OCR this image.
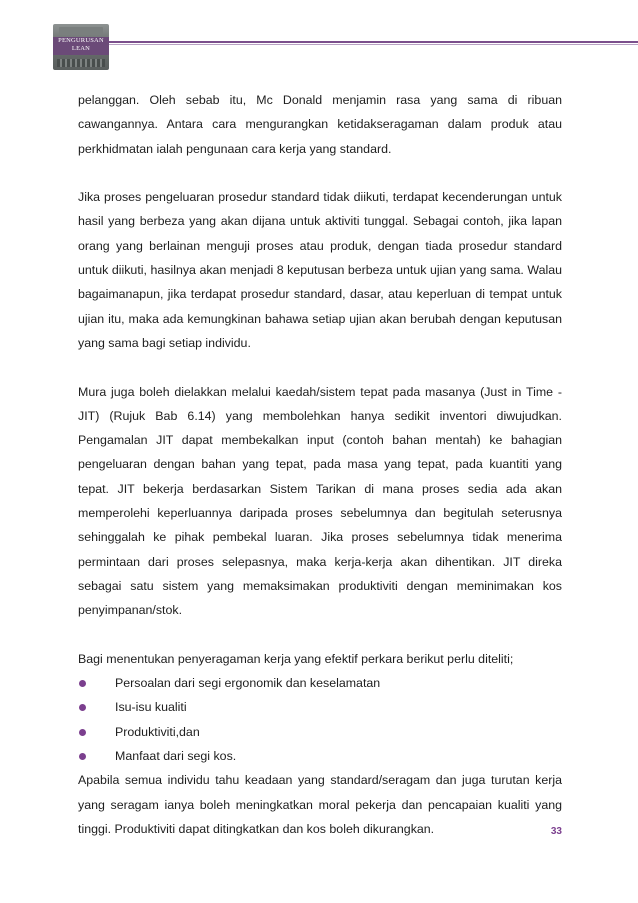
PENGURUSAN
LEAN

pelanggan. Oleh sebab itu, Mc Donald menjamin rasa yang sama di ribuan cawangannya. Antara cara mengurangkan ketidakseragaman dalam produk atau perkhidmatan ialah pengunaan cara kerja yang standard.

Jika proses pengeluaran prosedur standard tidak diikuti, terdapat kecenderungan untuk hasil yang berbeza yang akan dijana untuk aktiviti tunggal. Sebagai contoh, jika lapan orang yang berlainan menguji proses atau produk, dengan tiada prosedur standard untuk diikuti, hasilnya akan menjadi 8 keputusan berbeza untuk ujian yang sama. Walau bagaimanapun, jika terdapat prosedur standard, dasar, atau keperluan di tempat untuk ujian itu, maka ada kemungkinan bahawa setiap ujian akan berubah dengan keputusan yang sama bagi setiap individu.

Mura juga boleh dielakkan melalui kaedah/sistem tepat pada masanya (Just in Time - JIT) (Rujuk Bab 6.14) yang membolehkan hanya sedikit inventori diwujudkan. Pengamalan JIT dapat membekalkan input (contoh bahan mentah) ke bahagian pengeluaran dengan bahan yang tepat, pada masa yang tepat, pada kuantiti yang tepat. JIT bekerja berdasarkan Sistem Tarikan di mana proses sedia ada akan memperolehi keperluannya daripada proses sebelumnya dan begitulah seterusnya sehinggalah ke pihak pembekal luaran. Jika proses sebelumnya tidak menerima permintaan dari proses selepasnya, maka kerja-kerja akan dihentikan. JIT direka sebagai satu sistem yang memaksimakan produktiviti dengan meminimakan kos penyimpanan/stok.

Bagi menentukan penyeragaman kerja yang efektif perkara berikut perlu diteliti;

Persoalan dari segi ergonomik dan keselamatan
Isu-isu kualiti
Produktiviti,dan
Manfaat dari segi kos.

Apabila semua individu tahu keadaan yang standard/seragam dan juga turutan kerja yang seragam ianya boleh meningkatkan moral pekerja dan pencapaian kualiti yang tinggi. Produktiviti dapat ditingkatkan dan kos boleh dikurangkan.	33
